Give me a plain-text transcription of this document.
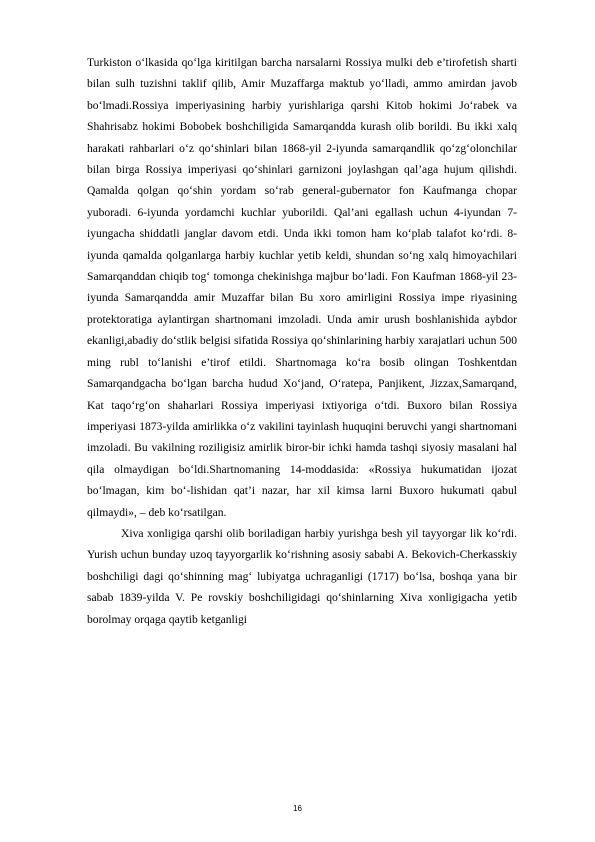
Turkiston o‘lkasida qo‘lga kiritilgan barcha narsalarni Rossiya mulki deb e’tirofetish sharti bilan sulh tuzishni taklif qilib, Amir Muzaffarga maktub yo‘lladi, ammo amirdan javob bo‘lmadi.Rossiya imperiyasining harbiy yurishlariga qarshi Kitob hokimi Jo‘rabek va Shahrisabz hokimi Bobobek boshchiligida Samarqandda kurash olib borildi. Bu ikki xalq harakati rahbarlari o‘z qo‘shinlari bilan 1868-yil 2-iyunda samarqandlik qo‘zg‘olonchilar bilan birga Rossiya imperiyasi qo‘shinlari garnizoni joylashgan qal’aga hujum qilishdi. Qamalda qolgan qo‘shin yordam so‘rab general-gubernator fon Kaufmanga chopar yuboradi. 6-iyunda yordamchi kuchlar yuborildi. Qal’ani egallash uchun 4-iyundan 7-iyungacha shiddatli janglar davom etdi. Unda ikki tomon ham ko‘plab talafot ko‘rdi. 8-iyunda qamalda qolganlarga harbiy kuchlar yetib keldi, shundan so‘ng xalq himoyachilari Samarqanddan chiqib tog‘ tomonga chekinishga majbur bo‘ladi. Fon Kaufman 1868-yil 23-iyunda Samarqandda amir Muzaffar bilan Bu xoro amirligini Rossiya impe riyasining protektoratiga aylantirgan shartnomani imzoladi. Unda amir urush boshlanishida aybdor ekanligi,abadiy do‘stlik belgisi sifatida Rossiya qo‘shinlarining harbiy xarajatlari uchun 500 ming rubl to‘lanishi e’tirof etildi. Shartnomaga ko‘ra bosib olingan Toshkentdan Samarqandgacha bo‘lgan barcha hudud Xo‘jand, O‘ratepa, Panjikent, Jizzax,Samarqand, Kat taqo‘rg‘on shaharlari Rossiya imperiyasi ixtiyoriga o‘tdi. Buxoro bilan Rossiya imperiyasi 1873-yilda amirlikka o‘z vakilini tayinlash huquqini beruvchi yangi shartnomani imzoladi. Bu vakilning roziligisiz amirlik biror-bir ichki hamda tashqi siyosiy masalani hal qila olmaydigan bo‘ldi.Shartnomaning 14-moddasida: «Rossiya hukumatidan ijozat bo‘lmagan, kim bo‘-lishidan qat’i nazar, har xil kimsa larni Buxoro hukumati qabul qilmaydi», – deb ko‘rsatilgan.

Xiva xonligiga qarshi olib boriladigan harbiy yurishga besh yil tayyorgar lik ko‘rdi. Yurish uchun bunday uzoq tayyorgarlik ko‘rishning asosiy sababi A. Bekovich-Cherkasskiy boshchiligi dagi qo‘shinning mag‘ lubiyatga uchraganligi (1717) bo‘lsa, boshqa yana bir sabab 1839-yilda V. Pe rovskiy boshchiligidagi qo‘shinlarning Xiva xonligigacha yetib borolmay orqaga qaytib ketganligi

16
